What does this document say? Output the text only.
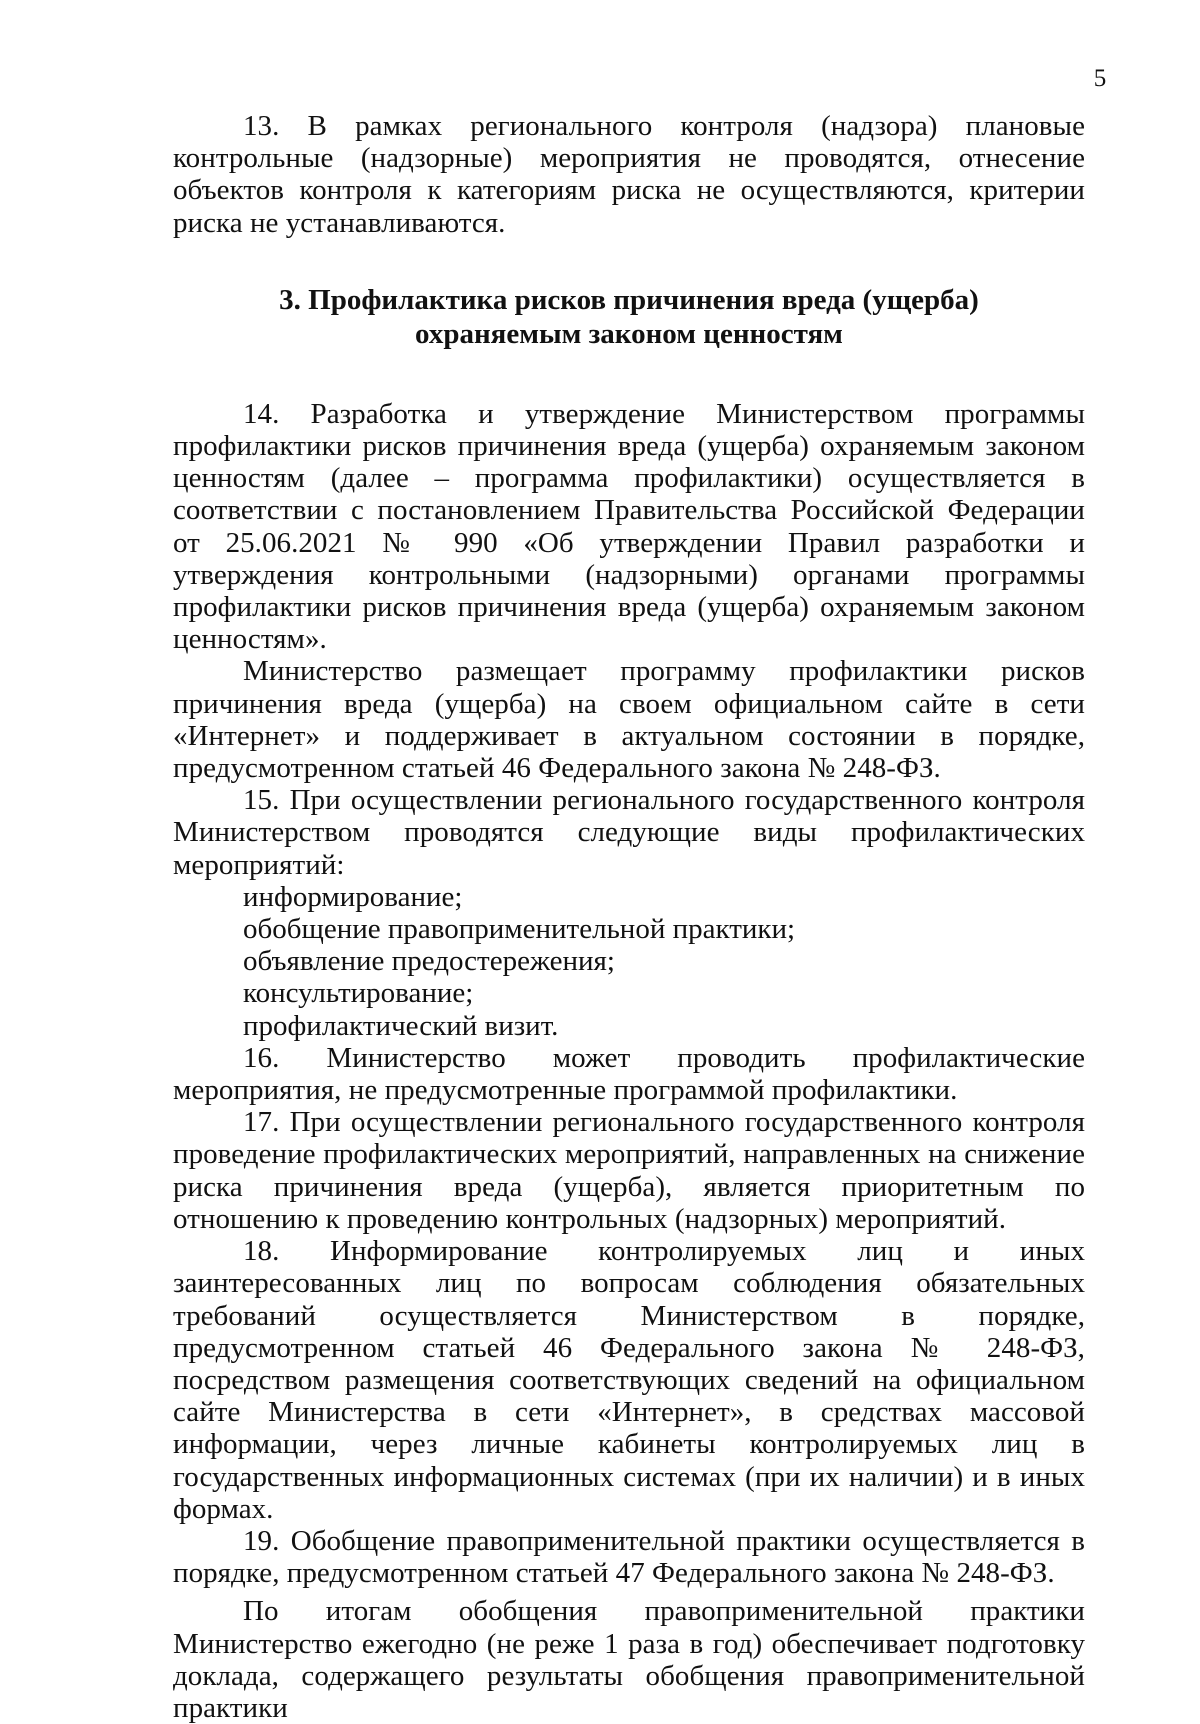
5

13. В рамках регионального контроля (надзора) плановые контрольные (надзорные) мероприятия не проводятся, отнесение объектов контроля к категориям риска не осуществляются, критерии риска не устанавливаются.

3. Профилактика рисков причинения вреда (ущерба)
охраняемым законом ценностям

14. Разработка и утверждение Министерством программы профилактики рисков причинения вреда (ущерба) охраняемым законом ценностям (далее – программа профилактики) осуществляется в соответствии с постановлением Правительства Российской Федерации от 25.06.2021 № 990 «Об утверждении Правил разработки и утверждения контрольными (надзорными) органами программы профилактики рисков причинения вреда (ущерба) охраняемым законом ценностям».

Министерство размещает программу профилактики рисков причинения вреда (ущерба) на своем официальном сайте в сети «Интернет» и поддерживает в актуальном состоянии в порядке, предусмотренном статьей 46 Федерального закона № 248-ФЗ.

15. При осуществлении регионального государственного контроля Министерством проводятся следующие виды профилактических мероприятий:

информирование;

обобщение правоприменительной практики;

объявление предостережения;

консультирование;

профилактический визит.

16. Министерство может проводить профилактические мероприятия, не предусмотренные программой профилактики.

17. При осуществлении регионального государственного контроля проведение профилактических мероприятий, направленных на снижение риска причинения вреда (ущерба), является приоритетным по отношению к проведению контрольных (надзорных) мероприятий.

18. Информирование контролируемых лиц и иных заинтересованных лиц по вопросам соблюдения обязательных требований осуществляется Министерством в порядке, предусмотренном статьей 46 Федерального закона № 248-ФЗ, посредством размещения соответствующих сведений на официальном сайте Министерства в сети «Интернет», в средствах массовой информации, через личные кабинеты контролируемых лиц в государственных информационных системах (при их наличии) и в иных формах.

19. Обобщение правоприменительной практики осуществляется в порядке, предусмотренном статьей 47 Федерального закона № 248-ФЗ.

По итогам обобщения правоприменительной практики Министерство ежегодно (не реже 1 раза в год) обеспечивает подготовку доклада, содержащего результаты обобщения правоприменительной практики
